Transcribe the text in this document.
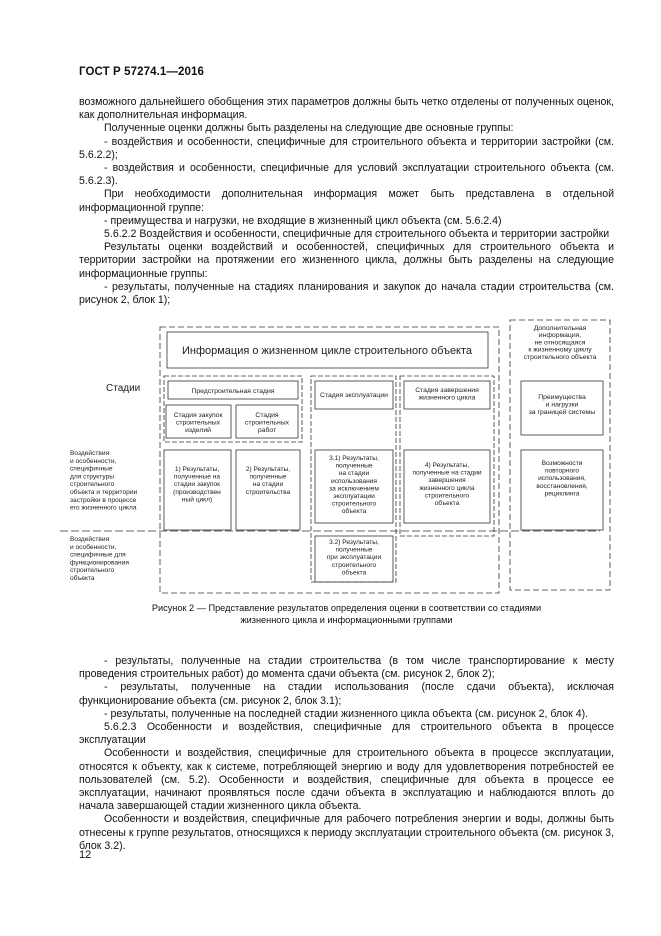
ГОСТ Р 57274.1—2016

возможного дальнейшего обобщения этих параметров должны быть четко отделены от полученных оценок, как дополнительная информация.

Полученные оценки должны быть разделены на следующие две основные группы:

- воздействия и особенности, специфичные для строительного объекта и территории застройки (см. 5.6.2.2);

- воздействия и особенности, специфичные для условий эксплуатации строительного объекта (см. 5.6.2.3).

При необходимости дополнительная информация может быть представлена в отдельной информационной группе:

- преимущества и нагрузки, не входящие в жизненный цикл объекта (см. 5.6.2.4)

5.6.2.2 Воздействия и особенности, специфичные для строительного объекта и территории застройки

Результаты оценки воздействий и особенностей, специфичных для строительного объекта и территории застройки на протяжении его жизненного цикла, должны быть разделены на следующие информационные группы:

- результаты, полученные на стадиях планирования и закупок до начала стадии строительства (см. рисунок 2, блок 1);

Информация о жизненном цикле строительного объекта
Стадии	Предстроительная стадия
Стадия эксплуатации
Стадия закупок строительных изделий
Стадия строительных работ
Стадия завершения жизненного цикла
Дополнительная информация, не относящаяся к жизненному циклу строительного объекта
Преимущества и нагрузки за границей системы
Воздействия и особенности, специфичные для структуры строительного объекта и территории застройки в процессе его жизненного цикла
Воздействия и особенности, специфичные для функционирования строительного объекта
1) Результаты, полученные на стадии закупок (производствен ный цикл)
2) Результаты, полученные на стадии строительства
3.1) Результаты, полученные на стадии использования за исключением эксплуатации строительного объекта
4) Результаты, полученные на стадии завершения жизненного цикла строительного объекта
Возможности повторного использования, восстановления, рециклинга
3.2) Результаты, полученные при эксплуатации строительного объекта
Рисунок 2 — Представление результатов определения оценки в соответствии со стадиями
жизненного цикла и информационными группами

- результаты, полученные на стадии строительства (в том числе транспортирование к месту проведения строительных работ) до момента сдачи объекта (см. рисунок 2, блок 2);

- результаты, полученные на стадии использования (после сдачи объекта), исключая функционирование объекта (см. рисунок 2, блок 3.1);

- результаты, полученные на последней стадии жизненного цикла объекта (см. рисунок 2, блок 4).

5.6.2.3 Особенности и воздействия, специфичные для строительного объекта в процессе эксплуатации

Особенности и воздействия, специфичные для строительного объекта в процессе эксплуатации, относятся к объекту, как к системе, потребляющей энергию и воду для удовлетворения потребностей ее пользователей (см. 5.2). Особенности и воздействия, специфичные для объекта в процессе ее эксплуатации, начинают проявляться после сдачи объекта в эксплуатацию и наблюдаются вплоть до начала завершающей стадии жизненного цикла объекта.

Особенности и воздействия, специфичные для рабочего потребления энергии и воды, должны быть отнесены к группе результатов, относящихся к периоду эксплуатации строительного объекта (см. рисунок 3, блок 3.2).

12
